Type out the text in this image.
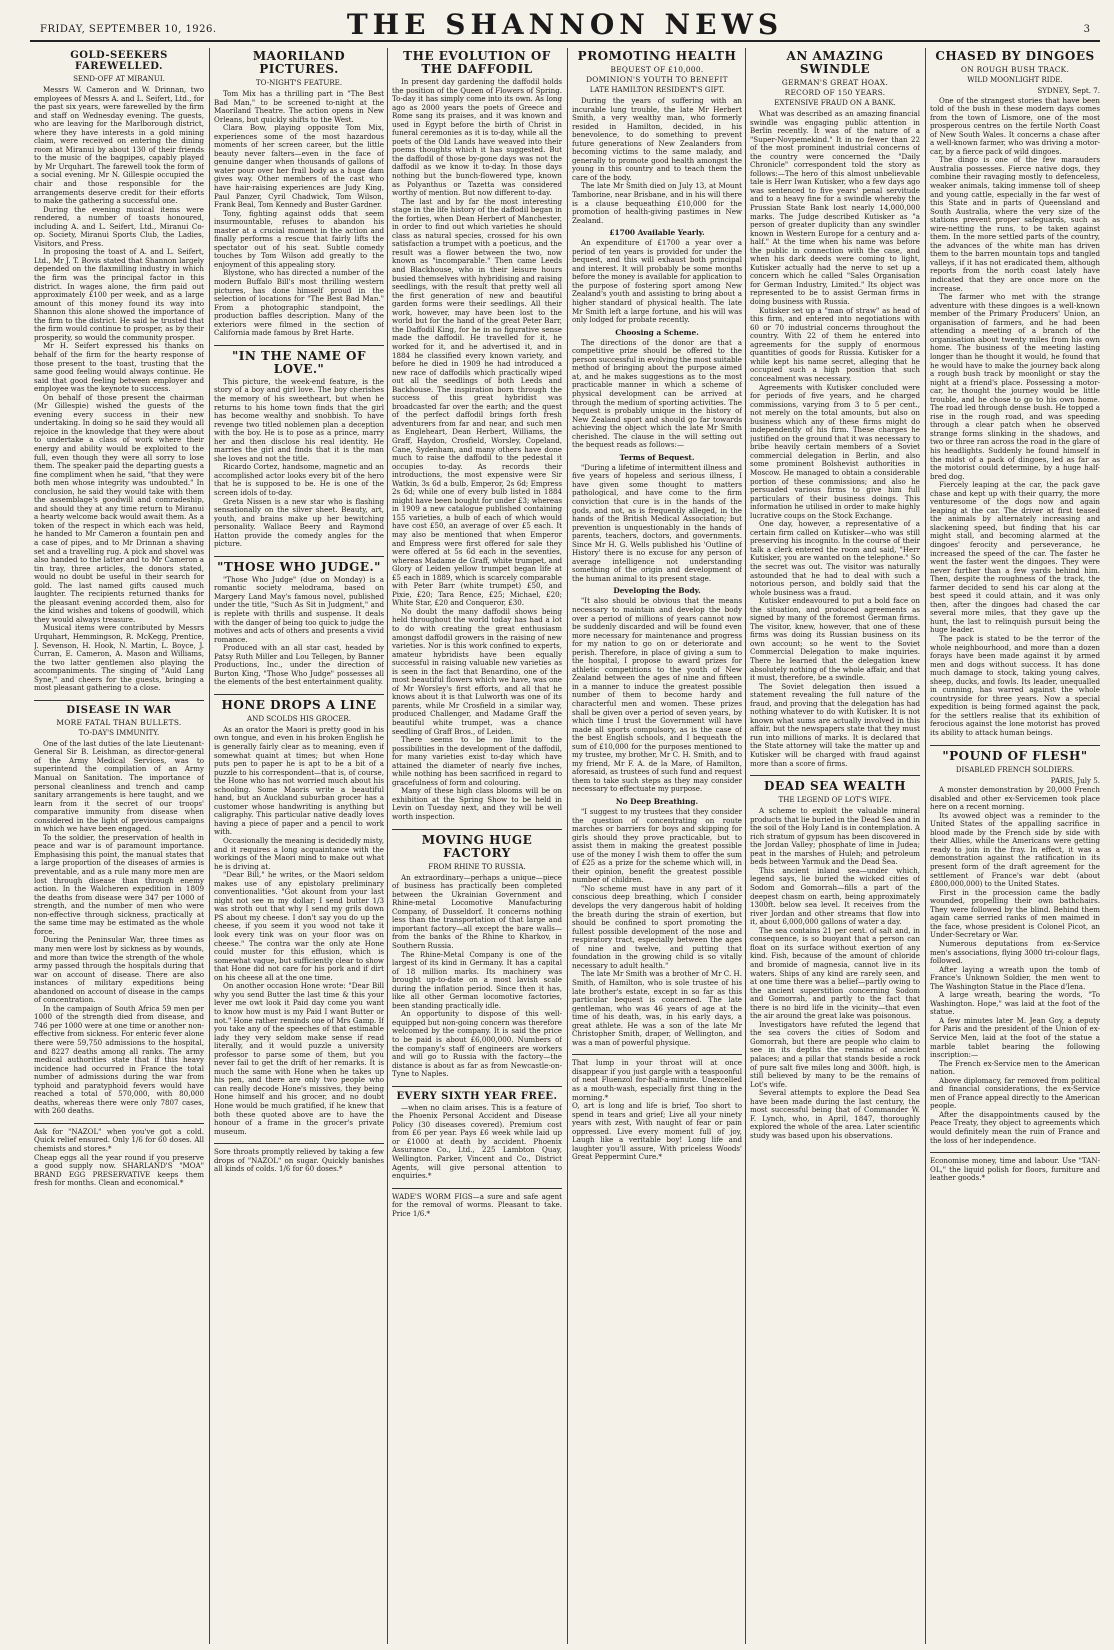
FRIDAY, SEPTEMBER 10, 1926.	THE SHANNON NEWS	3
GOLD-SEEKERS FAREWELLED.
SEND-OFF AT MIRANUI.

Messrs W. Cameron and W. Drinnan, two employees of Messrs A. and L. Seifert, Ltd., for the past six years, were farewelled by the firm and staff on Wednesday evening. The guests, who are leaving for the Marlborough district, where they have interests in a gold mining claim, were received on entering the dining room at Miranui by about 130 of their friends to the music of the bagpipes, capably played by Mr Urquhart. The farewell took the form of a social evening. Mr N. Gillespie occupied the chair and those responsible for the arrangements deserve credit for their efforts to make the gathering a successful one.

During the evening musical items were rendered, a number of toasts honoured, including A. and L. Seifert, Ltd., Miranui Co-op. Society, Miranui Sports Club, the Ladies, Visitors, and Press.

In proposing the toast of A. and L. Seifert, Ltd., Mr J. T. Bovis stated that Shannon largely depended on the flaxmilling industry in which the firm was the principal factor in this district. In wages alone, the firm paid out approximately £100 per week, and as a large amount of this money found its way into Shannon this alone showed the importance of the firm to the district. He said he trusted that the firm would continue to prosper, as by their prosperity, so would the community prosper.

Mr H. Seifert expressed his thanks on behalf of the firm for the hearty response of those present to the toast, trusting that the same good feeling would always continue. He said that good feeling between employer and employee was the keynote to success.

On behalf of those present the chairman (Mr Gillespie) wished the guests of the evening every success in their new undertaking. In doing so he said they would all rejoice in the knowledge that they were about to undertake a class of work where their energy and ability would be exploited to the full, even though they were all sorry to lose them. The speaker paid the departing guests a fine compliment when he said, "that they were both men whose integrity was undoubted." In conclusion, he said they would take with them the assemblage's goodwill and comradeship, and should they at any time return to Miranui a hearty welcome back would await them. As a token of the respect in which each was held, he handed to Mr Cameron a fountain pen and a case of pipes, and to Mr Drinnan a shaving set and a travelling rug. A pick and shovel was also handed to the latter and to Mr Cameron a tin tray, three articles, the donors stated, would no doubt be useful in their search for gold. The last named gifts caused much laughter. The recipients returned thanks for the pleasant evening accorded them, also for the kind wishes and tokens of goodwill, which they would always treasure.

Musical items were contributed by Messrs Urquhart, Hemmingson, R. McKegg, Prentice, J. Sevenson, H. Hook, N. Martin, L. Boyce, J. Curran, E. Cameron, A. Mason and Williams, the two latter gentlemen also playing the accompaniments. The singing of "Auld Lang Syne," and cheers for the guests, bringing a most pleasant gathering to a close.

DISEASE IN WAR
MORE FATAL THAN BULLETS.
TO-DAY'S IMMUNITY.

One of the last duties of the late Lieutenant-General Sir B. Leishman, as director-general of the Army Medical Services, was to superintend the compilation of an Army Manual on Sanitation. The importance of personal cleanliness and trench and camp sanitary arrangements is here taught, and we learn from it the secret of our troops' comparative immunity from disease when considered in the light of previous campaigns in which we have been engaged.

To the soldier, the preservation of health in peace and war is of paramount importance. Emphasising this point, the manual states that a large proportion of the diseases of armies is preventable, and as a rule many more men are lost through disease than through enemy action. In the Walcheren expedition in 1809 the deaths from disease were 347 per 1000 of strength, and the number of men who were non-effective through sickness, practically at the same time may be estimated as the whole force.

During the Peninsular War, three times as many men were lost by sickness as by wounds, and more than twice the strength of the whole army passed through the hospitals during that war on account of disease. There are also instances of military expeditions being abandoned on account of disease in the camps of concentration.

In the campaign of South Africa 59 men per 1000 of the strength died from disease, and 746 per 1000 were at one time or another non-effective from sickness. For enteric fever alone there were 59,750 admissions to the hospital, and 8227 deaths among all ranks. The army medical authorities state that if this heavy incidence had occurred in France the total number of admissions during the war from typhoid and paratyphoid fevers would have reached a total of 570,000, with 80,000 deaths, whereas there were only 7807 cases, with 260 deaths.

Ask for "NAZOL" when you've got a cold. Quick relief ensured. Only 1/6 for 60 doses. All chemists and stores.*

Cheap eggs all the year round if you preserve a good supply now. SHARLAND'S "MOA" BRAND EGG PRESERVATIVE keeps them fresh for months. Clean and economical.*

MAORILAND PICTURES.
TO-NIGHT'S FEATURE.

Tom Mix has a thrilling part in "The Best Bad Man," to be screened to-night at the Maoriland Theatre. The action opens in New Orleans, but quickly shifts to the West.

Clara Bow, playing opposite Tom Mix, experiences some of the most hazardous moments of her screen career, but the little beauty never falters—even in the face of genuine danger when thousands of gallons of water pour over her frail body as a huge dam gives way. Other members of the cast who have hair-raising experiences are Judy King, Paul Panzer, Cyril Chadwick, Tom Wilson, Frank Beal, Tom Kennedy and Buster Gardner.

Tony, fighting against odds that seem insurmountable, refuses to abandon his master at a crucial moment in the action and finally performs a rescue that fairly lifts the spectator out of his seat. Subtle comedy touches by Tom Wilson add greatly to the enjoyment of this appealing story.

Blystone, who has directed a number of the modern Buffalo Bill's most thrilling western pictures, has done himself proud in the selection of locations for "The Best Bad Man." From a photographic standpoint, the production baffles description. Many of the exteriors were filmed in the section of California made famous by Bret Harte.

"IN THE NAME OF LOVE."

This picture, the week-end feature, is the story of a boy and girl love. The boy cherishes the memory of his sweetheart, but when he returns to his home town finds that the girl has become wealthy and snobbish. To have revenge two titled noblemen plan a deception with the boy. He is to pose as a prince, marry her and then disclose his real identity. He marries the girl and finds that it is the man she loves and not the title.

Ricardo Cortez, handsome, magnetic and an accomplished actor looks every bit of the hero that he is supposed to be. He is one of the screen idols of to-day.

Greta Nissen is a new star who is flashing sensationally on the silver sheet. Beauty, art, youth, and brains make up her bewitching personality. Wallace Beery and Raymond Hatton provide the comedy angles for the picture.

"THOSE WHO JUDGE."

"Those Who Judge" (due on Monday) is a romantic society melodrama, based on Margery Land May's famous novel, published under the title, "Such As Sit in Judgment," and is replete with thrills and suspense. It deals with the danger of being too quick to judge the motives and acts of others and presents a vivid romance.

Produced with an all star cast, headed by Patsy Ruth Miller and Lou Tellegen, by Banner Productions, Inc., under the direction of Burton King, "Those Who Judge" possesses all the elements of the best entertainment quality.

HONE DROPS A LINE
AND SCOLDS HIS GROCER.

As an orator the Maori is pretty good in his own tongue, and even in his broken English he is generally fairly clear as to meaning, even if somewhat quaint at times; but when Hone puts pen to paper he is apt to be a bit of a puzzle to his correspondent—that is, of course, the Hone who has not worried much about his schooling. Some Maoris write a beautiful hand, but an Auckland suburban grocer has a customer whose handwriting is anything but caligraphy. This particular native deadly loves having a piece of paper and a pencil to work with.

Occasionally the meaning is decidedly misty, and it requires a long acquaintance with the workings of the Maori mind to make out what he is driving at.

"Dear Bill," he writes, or the Maori seldom makes use of any epistolary preliminary conventionalities. "Got akount from your last night not see m my dollar; I send butter 1/3 was stroth out that why I send my grils down PS about my cheese. I don't say you do up the cheese, if you seem it you wood not take it look every tink was on your floor was on cheese." The contra war the only ate Hone could muster for this effusion, which is somewhat vague, but sufficiently clear to show that Hone did not care for his pork and if dirt on his cheese all at the one time.

On another occasion Hone wrote: "Dear Bill why you send Butter the last time & this your lever me owt look it Paid day come you want to know how must is my Paid I want Butter or not." Hone rather reminds one of Mrs Gamp. If you take any of the speeches of that estimable lady they very seldom make sense if read literally, and it would puzzle a university professor to parse some of them, but you never fail to get the drift of her remarks. It is much the same with Hone when he takes up his pen, and there are only two people who can really decode Hone's missives, they being Hone himself and his grocer, and no doubt Hone would be much gratified, if he knew that both these quoted above are to have the honour of a frame in the grocer's private museum.

Sore throats promptly relieved by taking a few drops of "NAZOL" on sugar. Quickly banishes all kinds of colds. 1/6 for 60 doses.*

THE EVOLUTION OF THE DAFFODIL

In present day gardening the daffodil holds the position of the Queen of Flowers of Spring. To-day it has simply come into its own. As long ago as 2000 years the poets of Greece and Rome sang its praises, and it was known and used in Egypt before the birth of Christ in funeral ceremonies as it is to-day, while all the poets of the Old Lands have weaved into their poems thoughts which it has suggested. But the daffodil of those by-gone days was not the daffodil as we know it to-day. In those days nothing but the bunch-flowered type, known as Polyanthus or Tazetta was considered worthy of mention. But now different to-day.

The last and by far the most interesting stage in the life history of the daffodil began in the forties, when Dean Herbert of Manchester, in order to find out which varieties he should class as natural species, crossed for his own satisfaction a trumpet with a poeticus, and the result was a flower between the two, now known as "incomparable." Then came Leeds and Blackhouse, who in their leisure hours busied themselves with hybridising and raising seedlings, with the result that pretty well all the first generation of new and beautiful garden forms were their seedlings. All their work, however, may have been lost to the world but for the hand of the great Peter Barr, the Daffodil King, for he in no figurative sense made the daffodil. He travelled for it, he worked for it, and he advertised it, and in 1884 he classified every known variety, and before he died in 1909 he had introduced a new race of daffodils which practically wiped out all the seedlings of both Leeds and Backhouse. The inspiration born through the success of this great hybridist was broadcasted far over the earth; and the quest of the perfect daffodil brings forth fresh adventurers from far and near, and such men as Engleheart, Dean Herbert, Williams, the Graff, Haydon, Crosfield, Worsley, Copeland, Cane, Sydenham, and many others have done much to raise the daffodil to the pedestal it occupies to-day. As records their introductions, the most expensive were Sir Watkin, 3s 6d a bulb, Emperor, 2s 6d; Empress 2s 6d; while one of every bulb listed in 1884 might have been bought for under £3; whereas in 1909 a new catalogue published containing 155 varieties, a bulb of each of which would have cost £50, an average of over £5 each. It may also be mentioned that when Emperor and Empress were first offered for sale they were offered at 5s 6d each in the seventies, whereas Madame de Graff, white trumpet, and Glory of Leiden yellow trumpet began life at £5 each in 1889, which is scarcely comparable with Peter Barr (white trumpet) £50, and Pixie, £20; Tara Rence, £25; Michael, £20; White Star, £20 and Conqueror, £30.

No doubt the many daffodil shows being held throughout the world today has had a lot to do with creating the great enthusiasm amongst daffodil growers in the raising of new varieties. Nor is this work confined to experts, amateur hybridists have been equally successful in raising valuable new varieties as is seen in the fact that Benardino, one of the most beautiful flowers which we have, was one of Mr Worsley's first efforts, and all that he knows about it is that Lulworth was one of its parents, while Mr Crosfield in a similar way, produced Challenger, and Madame Graff the beautiful white trumpet, was a chance seedling of Graff Bros., of Leiden.

There seems to be no limit to the possibilities in the development of the daffodil, for many varieties exist to-day which have attained the diameter of nearly five inches, while nothing has been sacrificed in regard to gracefulness of form and colouring.

Many of these high class blooms will be on exhibition at the Spring Show to be held in Levin on Tuesday next, and they will be well worth inspection.

MOVING HUGE FACTORY
FROM RHINE TO RUSSIA.

An extraordinary—perhaps a unique—piece of business has practically been completed between the Ukrainian Government and Rhine-metal Locomotive Manufacturing Company, of Dusseldorf. It concerns nothing less than the transportation of that large and important factory—all except the bare walls—from the banks of the Rhine to Kharkov, in Southern Russia.

The Rhine-Metal Company is one of the largest of its kind in Germany. It has a capital of 18 million marks. Its machinery was brought up-to-date on a most lavish scale during the inflation period. Since then it has, like all other German locomotive factories, been standing practically idle.

An opportunity to dispose of this well-equipped but non-going concern was therefore welcomed by the company. It is said the price to be paid is about £6,000,000. Numbers of the company's staff of engineers are workers and will go to Russia with the factory—the distance is about as far as from Newcastle-on-Tyne to Naples.

EVERY SIXTH YEAR FREE.

—when no claim arises. This is a feature of the Phoenix Personal Accident and Disease Policy (30 diseases covered). Premium cost from £6 per year. Pays £6 week while laid up or £1000 at death by accident. Phoenix Assurance Co., Ltd., 225 Lambton Quay, Wellington. Parker, Vincent and Co., District Agents, will give personal attention to enquiries.*

WADE'S WORM FIGS—a sure and safe agent for the removal of worms. Pleasant to take. Price 1/6.*

PROMOTING HEALTH
BEQUEST OF £10,000.
DOMINION'S YOUTH TO BENEFIT
LATE HAMILTON RESIDENT'S GIFT.

During the years of suffering with an incurable lung trouble, the late Mr Herbert Smith, a very wealthy man, who formerly resided in Hamilton, decided, in his benevolence, to do something to prevent future generations of New Zealanders from becoming victims to the same malady, and generally to promote good health amongst the young in this country and to teach them the care of the body.

The late Mr Smith died on July 13, at Mount Tamborine, near Brisbane, and in his will there is a clause bequeathing £10,000 for the promotion of health-giving pastimes in New Zealand.

£1700 Available Yearly.

An expenditure of £1700 a year over a period of ten years is provided for under the bequest, and this will exhaust both principal and interest. It will probably be some months before the money is available for application to the purpose of fostering sport among New Zealand's youth and assisting to bring about a higher standard of physical health. The late Mr Smith left a large fortune, and his will was only lodged for probate recently.

Choosing a Scheme.

The directions of the donor are that a competitive prize should be offered to the person successful in evolving the most suitable method of bringing about the purpose aimed at, and he makes suggestions as to the most practicable manner in which a scheme of physical development can be arrived at through the medium of sporting activities. The bequest is probably unique in the history of New Zealand sport and should go far towards achieving the object which the late Mr Smith cherished. The clause in the will setting out the bequest reads as follows:—

Terms of Bequest.

"During a lifetime of intermittent illness and five years of hopeless and serious illness, I have given some thought to matters pathological, and have come to the firm conviction that cure is in the hands of the gods, and not, as is frequently alleged, in the hands of the British Medical Association; but prevention is unquestionably in the hands of parents, teachers, doctors, and governments. Since Mr H. G. Wells published his 'Outline of History' there is no excuse for any person of average intelligence not understanding something of the origin and development of the human animal to its present stage.

Developing the Body.

"It also should be obvious that the means necessary to maintain and develop the body over a period of millions of years cannot now be suddenly discarded and will be found even more necessary for maintenance and progress for my nation to go on or deteriorate and perish. Therefore, in place of giving a sum to the hospital, I propose to award prizes for athletic competitions to the youth of New Zealand between the ages of nine and fifteen in a manner to induce the greatest possible number of them to become hardy and characterful men and women. These prizes shall be given over a period of seven years, by which time I trust the Government will have made all sports compulsory, as is the case of the best English schools, and I bequeath the sum of £10,000 for the purposes mentioned to my trustee, my brother, Mr C. H. Smith, and to my friend, Mr F. A. de la Mare, of Hamilton, aforesaid, as trustees of such fund and request them to take such steps as they may consider necessary to effectuate my purpose.

No Deep Breathing.

"I suggest to my trustees that they consider the question of concentrating on route marches or barriers for boys and skipping for girls should they prove practicable, but to assist them in making the greatest possible use of the money I wish them to offer the sum of £25 as a prize for the scheme which will, in their opinion, benefit the greatest possible number of children.

"No scheme must have in any part of it conscious deep breathing, which I consider develops the very dangerous habit of holding the breath during the strain of exertion, but should be confined to sport promoting the fullest possible development of the nose and respiratory tract, especially between the ages of nine and twelve, and putting that foundation in the growing child is so vitally necessary to adult health."

The late Mr Smith was a brother of Mr C. H. Smith, of Hamilton, who is sole trustee of his late brother's estate, except in so far as this particular bequest is concerned. The late gentleman, who was 46 years of age at the time of his death, was, in his early days, a great athlete. He was a son of the late Mr Christopher Smith, draper, of Wellington, and was a man of powerful physique.

That lump in your throat will at once disappear if you just gargle with a teaspoonful of neat Fluenzol for-half-a-minute. Unexcelled as a mouth-wash, especially first thing in the morning.*

O, art is long and life is brief, Too short to spend in tears and grief; Live all your ninety years with zest, With naught of fear or pain oppressed. Live every moment full of joy, Laugh like a veritable boy! Long life and laughter you'll assure, With priceless Woods' Great Peppermint Cure.*

AN AMAZING SWINDLE
GERMAN'S GREAT HOAX.
RECORD OF 150 YEARS.
EXTENSIVE FRAUD ON A BANK.

What was described as an amazing financial swindle was engaging public attention in Berlin recently. It was of the nature of a "Super-Novpemekind." It in no fewer than 22 of the most prominent industrial concerns of the country were concerned the "Daily Chronicle" correspondent told the story as follows:—The hero of this almost unbelievable tale is Herr Iwan Kutisker, who a few days ago was sentenced to five years' penal servitude and to a heavy fine for a swindle whereby the Prussian State Bank lost nearly 14,000,000 marks. The Judge described Kutisker as "a person of greater duplicity than any swindler known in Western Europe for a century and a-half." At the time when his name was before the public in connection with the case, and when his dark deeds were coming to light, Kutisker actually had the nerve to set up a concern which he called "Sales Organisation for German Industry, Limited." Its object was represented to be to assist German firms in doing business with Russia.

Kutisker set up a "man of straw" as head of this firm, and entered into negotiations with 60 or 70 industrial concerns throughout the country. With 22 of them he entered into agreements for the supply of enormous quantities of goods for Russia. Kutisker for a while kept his name secret, alleging that he occupied such a high position that such concealment was necessary.

Agreements with Kutisker concluded were for periods of five years, and he charged commissions, varying from 3 to 5 per cent., not merely on the total amounts, but also on business which any of these firms might do independently of his firm. These charges he justified on the ground that it was necessary to bribe heavily certain members of a Soviet commercial delegation in Berlin, and also some prominent Bolshevist authorities in Moscow. He managed to obtain a considerable portion of these commissions; and also he persuaded various firms to give him full particulars of their business doings. This information he utilised in order to make highly lucrative coups on the Stock Exchange.

One day, however, a representative of a certain firm called on Kutisker—who was still preserving his incognito. In the course of their talk a clerk entered the room and said, "Herr Kutisker, you are wanted on the telephone." So the secret was out. The visitor was naturally astounded that he had to deal with such a notorious person, and boldly said that the whole business was a fraud.

Kutisker endeavoured to put a bold face on the situation, and produced agreements as signed by many of the foremost German firms. The visitor, knew, however, that one of these firms was doing its Russian business on its own account; so he went to the Soviet Commercial Delegation to make inquiries. There he learned that the delegation knew absolutely nothing of the whole affair, and that it must, therefore, be a swindle.

The Soviet delegation then issued a statement revealing the full nature of the fraud, and proving that the delegation has had nothing whatever to do with Kutisker. It is not known what sums are actually involved in this affair, but the newspapers state that they must run into millions of marks. It is declared that the State attorney will take the matter up and Kutisker will be charged with fraud against more than a score of firms.

DEAD SEA WEALTH
THE LEGEND OF LOT'S WIFE.

A scheme to exploit the valuable mineral products that lie buried in the Dead Sea and in the soil of the Holy Land is in contemplation. A rich stratum of gypsum has been discovered in the Jordan Valley; phosphate of lime in Judea; peat in the marshes of Huleh; and petroleum beds between Yarmuk and the Dead Sea.

This ancient inland sea—under which, legend says, lie buried the wicked cities of Sodom and Gomorrah—fills a part of the deepest chasm on earth, being approximately 1300ft. below sea level. It receives from the river Jordan and other streams that flow into it, about 6,000,000 gallons of water a day.

The sea contains 21 per cent. of salt and, in consequence, is so buoyant that a person can float on its surface without exertion of any kind. Fish, because of the amount of chloride and bromide of magnesia, cannot live in its waters. Ships of any kind are rarely seen, and at one time there was a belief—partly owing to the ancient superstition concerning Sodom and Gomorrah, and partly to the fact that there is no bird life in the vicinity—that even the air around the great lake was poisonous.

Investigators have refuted the legend that the sea covers the cities of Sodom and Gomorrah, but there are people who claim to see in its depths the remains of ancient palaces; and a pillar that stands beside a rock of pure salt five miles long and 300ft. high, is still believed by many to be the remains of Lot's wife.

Several attempts to explore the Dead Sea have been made during the last century, the most successful being that of Commander W. F. Lynch, who, in April, 1847, thoroughly explored the whole of the area. Later scientific study was based upon his observations.

CHASED BY DINGOES
ON ROUGH BUSH TRACK.
WILD MOONLIGHT RIDE.
SYDNEY, Sept. 7.

One of the strangest stories that have been told of the bush in these modern days comes from the town of Lismore, one of the most prosperous centres on the fertile North Coast of New South Wales. It concerns a chase after a well-known farmer, who was driving a motor-car, by a fierce pack of wild dingoes.

The dingo is one of the few marauders Australia possesses. Fierce native dogs, they combine their ravaging mostly to defenceless, weaker animals, taking immense toll of sheep and young cattle, especially in the far west of this State and in parts of Queensland and South Australia, where the very size of the stations prevent proper safeguards, such as wire-netting the runs, to be taken against them. In the more settled parts of the country, the advances of the white man has driven them to the barren mountain tops and tangled valleys, if it has not eradicated them, although reports from the north coast lately have indicated that they are once more on the increase.

The farmer who met with the strange adventure with these dingoes is a well-known member of the Primary Producers' Union, an organisation of farmers, and he had been attending a meeting of a branch of the organisation about twenty miles from his own home. The business of the meeting lasting longer than he thought it would, he found that he would have to make the journey back along a rough bush track by moonlight or stay the night at a friend's place. Possessing a motor-car, he thought the journey would be little trouble, and he chose to go to his own home. The road led through dense bush. He topped a rise in the rough road, and was speeding through a clear patch when he observed strange forms slinking in the shadows, and two or three ran across the road in the glare of his headlights. Suddenly he found himself in the midst of a pack of dingoes, led as far as the motorist could determine, by a huge half-bred dog.

Fiercely leaping at the car, the pack gave chase and kept up with their quarry, the more venturesome of the dogs now and again leaping at the car. The driver at first teased the animals by alternately increasing and slackening speed, but finding that his car might stall, and becoming alarmed at the dingoes' ferocity and perseverance, he increased the speed of the car. The faster he went the faster went the dingoes. They were never further than a few yards behind him. Then, despite the roughness of the track, the farmer decided to send his car along at the best speed it could attain, and it was only then, after the dingoes had chased the car several more miles, that they gave up the hunt, the last to relinquish pursuit being the huge leader.

The pack is stated to be the terror of the whole neighbourhood, and more than a dozen forays have been made against it by armed men and dogs without success. It has done much damage to stock, taking young calves, sheep, ducks, and fowls. Its leader, unequalled in cunning, has warred against the whole countryside for three years. Now a special expedition is being formed against the pack, for the settlers realise that its exhibition of ferocious against the lone motorist has proved its ability to attack human beings.

"POUND OF FLESH"
DISABLED FRENCH SOLDIERS.
PARIS, July 5.

A monster demonstration by 20,000 French disabled and other ex-Servicemen took place here on a recent morning.

Its avowed object was a reminder to the United States of the appalling sacrifice in blood made by the French side by side with their Allies, while the Americans were getting ready to join in the fray. In effect, it was a demonstration against the ratification in its present form of the draft agreement for the settlement of France's war debt (about £800,000,000) to the United States.

First in the procession came the badly wounded, propelling their own bathchairs. They were followed by the blind. Behind them again came serried ranks of men maimed in the face, whose president is Colonel Picot, an Under-Secretary or War.

Numerous deputations from ex-Service men's associations, flying 3000 tri-colour flags, followed.

After laying a wreath upon the tomb of France's Unknown Soldier, the men went to The Washington Statue in the Place d'Iena.

A large wreath, bearing the words, "To Washington. Hope," was laid at the foot of the statue.

A few minutes later M. Jean Goy, a deputy for Paris and the president of the Union of ex-Service Men, laid at the foot of the statue a marble tablet bearing the following inscription:—

The French ex-Service men to the American nation.

Above diplomacy, far removed from political and financial considerations, the ex-Service men of France appeal directly to the American people.

After the disappointments caused by the Peace Treaty, they object to agreements which would definitely mean the ruin of France and the loss of her independence.

Economise money, time and labour. Use "TAN-OL," the liquid polish for floors, furniture and leather goods.*
